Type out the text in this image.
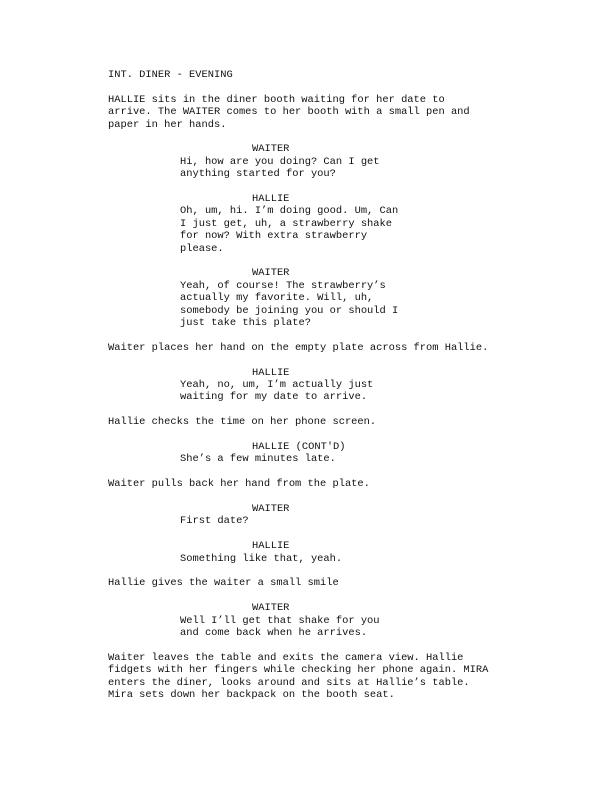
INT. DINER - EVENING
HALLIE sits in the diner booth waiting for her date to
arrive. The WAITER comes to her booth with a small pen and
paper in her hands.
WAITER
Hi, how are you doing? Can I get
anything started for you?
HALLIE
Oh, um, hi. I’m doing good. Um, Can
I just get, uh, a strawberry shake
for now? With extra strawberry
please.
WAITER
Yeah, of course! The strawberry’s
actually my favorite. Will, uh,
somebody be joining you or should I
just take this plate?
Waiter places her hand on the empty plate across from Hallie.
HALLIE
Yeah, no, um, I’m actually just
waiting for my date to arrive.
Hallie checks the time on her phone screen.
HALLIE (CONT'D)
She’s a few minutes late.
Waiter pulls back her hand from the plate.
WAITER
First date?
HALLIE
Something like that, yeah.
Hallie gives the waiter a small smile
WAITER
Well I’ll get that shake for you
and come back when he arrives.
Waiter leaves the table and exits the camera view. Hallie
fidgets with her fingers while checking her phone again. MIRA
enters the diner, looks around and sits at Hallie’s table.
Mira sets down her backpack on the booth seat.
